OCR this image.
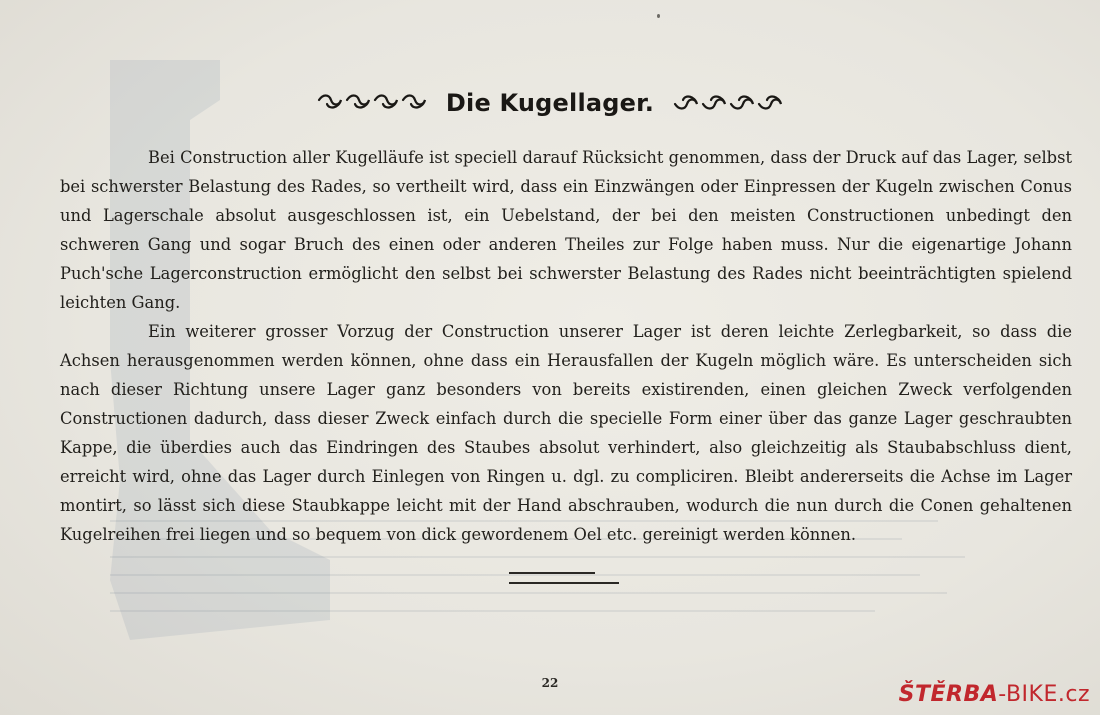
Die Kugellager.

Bei Construction aller Kugelläufe ist speciell darauf Rücksicht genommen, dass der Druck auf das Lager, selbst bei schwerster Belastung des Rades, so vertheilt wird, dass ein Einzwängen oder Einpressen der Kugeln zwischen Conus und Lagerschale absolut ausgeschlossen ist, ein Uebelstand, der bei den meisten Constructionen unbedingt den schweren Gang und sogar Bruch des einen oder anderen Theiles zur Folge haben muss. Nur die eigenartige Johann Puch'sche Lagerconstruction ermöglicht den selbst bei schwerster Belastung des Rades nicht beeinträchtigten spielend leichten Gang.

Ein weiterer grosser Vorzug der Construction unserer Lager ist deren leichte Zerlegbarkeit, so dass die Achsen herausgenommen werden können, ohne dass ein Herausfallen der Kugeln möglich wäre. Es unterscheiden sich nach dieser Richtung unsere Lager ganz besonders von bereits existirenden, einen gleichen Zweck verfolgenden Constructionen dadurch, dass dieser Zweck einfach durch die specielle Form einer über das ganze Lager geschraubten Kappe, die überdies auch das Eindringen des Staubes absolut verhindert, also gleichzeitig als Staubabschluss dient, erreicht wird, ohne das Lager durch Einlegen von Ringen u. dgl. zu compliciren. Bleibt andererseits die Achse im Lager montirt, so lässt sich diese Staubkappe leicht mit der Hand abschrauben, wodurch die nun durch die Conen gehaltenen Kugelreihen frei liegen und so bequem von dick gewordenem Oel etc. gereinigt werden können.

22	ŠTĚRBA-BIKE.cz
